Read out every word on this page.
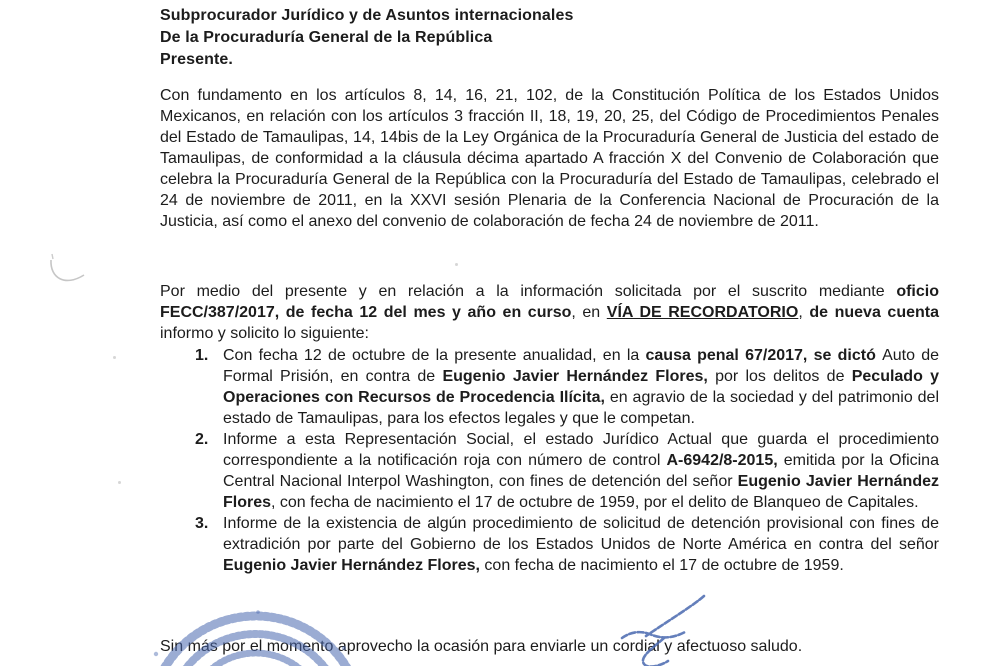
Subprocurador Jurídico y de Asuntos internacionales

De la Procuraduría General de la República

Presente.

Con fundamento en los artículos 8, 14, 16, 21, 102, de la Constitución Política de los Estados Unidos Mexicanos, en relación con los artículos 3 fracción II, 18, 19, 20, 25, del Código de Procedimientos Penales del Estado de Tamaulipas, 14, 14bis de la Ley Orgánica de la Procuraduría General de Justicia del estado de Tamaulipas, de conformidad a la cláusula décima apartado A fracción X del Convenio de Colaboración que celebra la Procuraduría General de la República con la Procuraduría del Estado de Tamaulipas, celebrado el 24 de noviembre de 2011, en la XXVI sesión Plenaria de la Conferencia Nacional de Procuración de la Justicia, así como el anexo del convenio de colaboración de fecha 24 de noviembre de 2011.

Por medio del presente y en relación a la información solicitada por el suscrito mediante oficio FECC/387/2017, de fecha 12 del mes y año en curso, en VÍA DE RECORDATORIO, de nueva cuenta informo y solicito lo siguiente:

1. Con fecha 12 de octubre de la presente anualidad, en la causa penal 67/2017, se dictó Auto de Formal Prisión, en contra de Eugenio Javier Hernández Flores, por los delitos de Peculado y Operaciones con Recursos de Procedencia Ilícita, en agravio de la sociedad y del patrimonio del estado de Tamaulipas, para los efectos legales y que le competan.
2. Informe a esta Representación Social, el estado Jurídico Actual que guarda el procedimiento correspondiente a la notificación roja con número de control A-6942/8-2015, emitida por la Oficina Central Nacional Interpol Washington, con fines de detención del señor Eugenio Javier Hernández Flores, con fecha de nacimiento el 17 de octubre de 1959, por el delito de Blanqueo de Capitales.
3. Informe de la existencia de algún procedimiento de solicitud de detención provisional con fines de extradición por parte del Gobierno de los Estados Unidos de Norte América en contra del señor Eugenio Javier Hernández Flores, con fecha de nacimiento el 17 de octubre de 1959.

Sin más por el momento aprovecho la ocasión para enviarle un cordial y afectuoso saludo.
